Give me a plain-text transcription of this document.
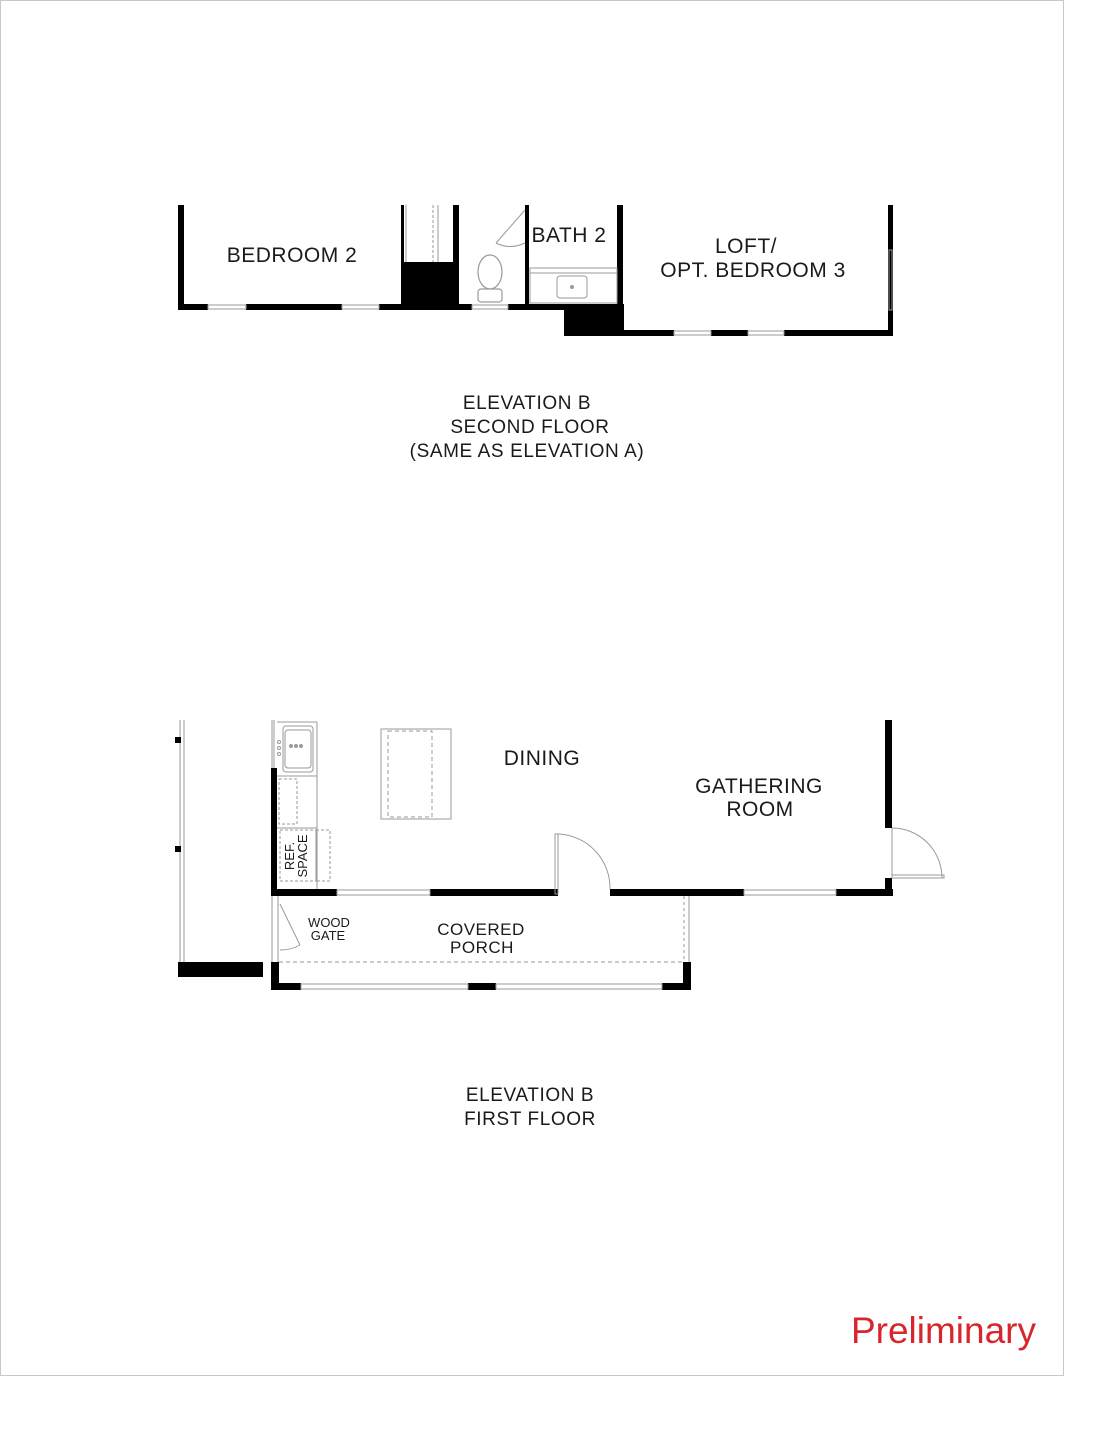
BEDROOM 2
BATH 2	LOFT/
OPT. BEDROOM 3
ELEVATION B
SECOND FLOOR
(SAME AS ELEVATION A)
REF.
SPACE
DINING
GATHERING
ROOM
COVERED
PORCH
WOOD
GATE
ELEVATION B
FIRST FLOOR
Preliminary
